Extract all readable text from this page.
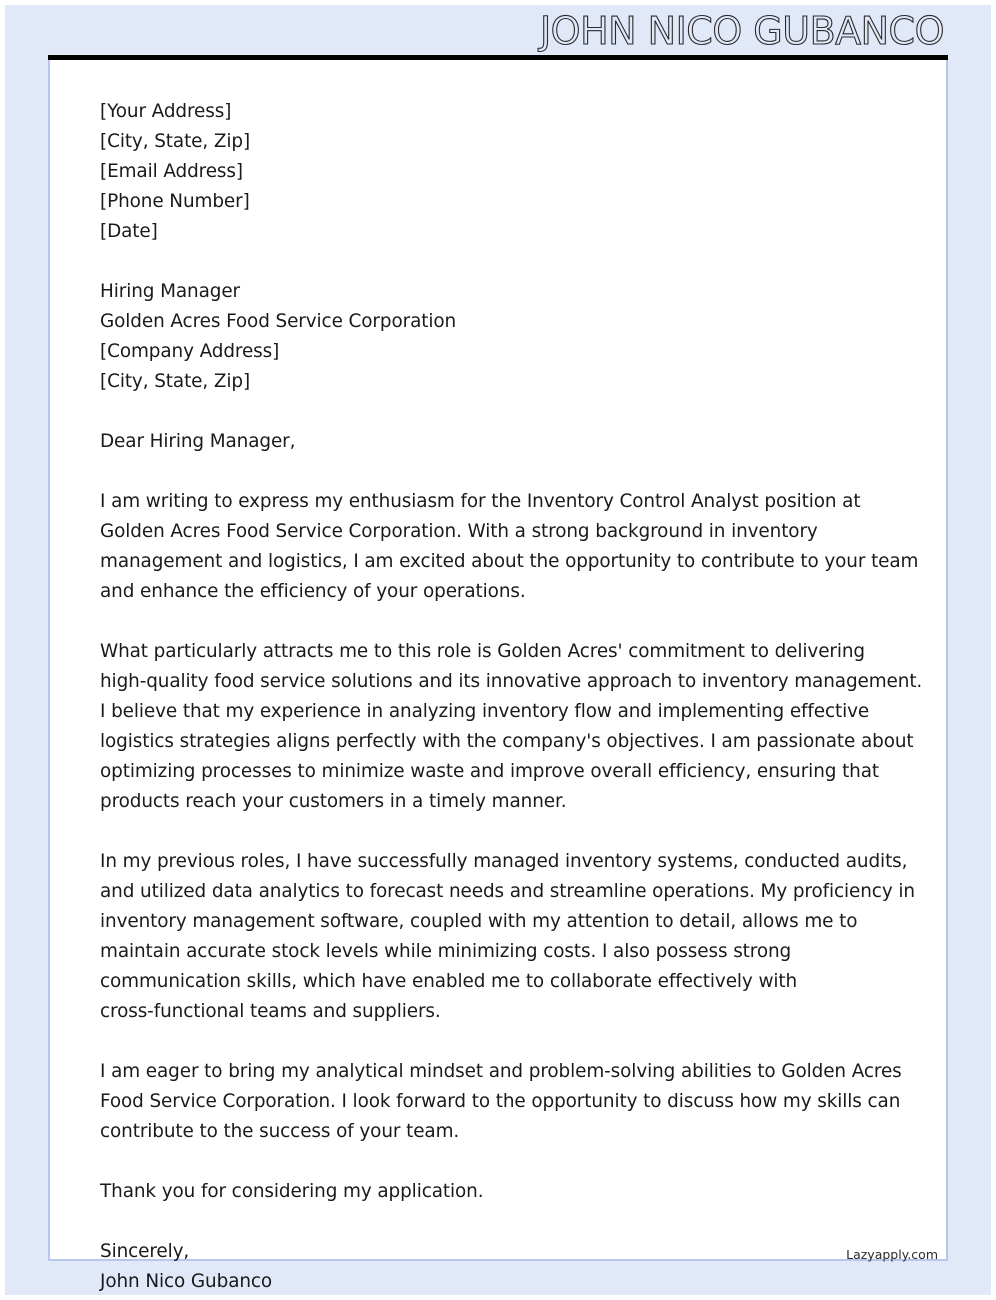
JOHN NICO GUBANCO
[Your Address]
[City, State, Zip]
[Email Address]
[Phone Number]
[Date]
Hiring Manager
Golden Acres Food Service Corporation
[Company Address]
[City, State, Zip]
Dear Hiring Manager,
I am writing to express my enthusiasm for the Inventory Control Analyst position at
Golden Acres Food Service Corporation. With a strong background in inventory
management and logistics, I am excited about the opportunity to contribute to your team
and enhance the efficiency of your operations.
What particularly attracts me to this role is Golden Acres' commitment to delivering
high-quality food service solutions and its innovative approach to inventory management.
I believe that my experience in analyzing inventory flow and implementing effective
logistics strategies aligns perfectly with the company's objectives. I am passionate about
optimizing processes to minimize waste and improve overall efficiency, ensuring that
products reach your customers in a timely manner.
In my previous roles, I have successfully managed inventory systems, conducted audits,
and utilized data analytics to forecast needs and streamline operations. My proficiency in
inventory management software, coupled with my attention to detail, allows me to
maintain accurate stock levels while minimizing costs. I also possess strong
communication skills, which have enabled me to collaborate effectively with
cross-functional teams and suppliers.
I am eager to bring my analytical mindset and problem-solving abilities to Golden Acres
Food Service Corporation. I look forward to the opportunity to discuss how my skills can
contribute to the success of your team.
Thank you for considering my application.
Sincerely,
John Nico Gubanco
Lazyapply.com
